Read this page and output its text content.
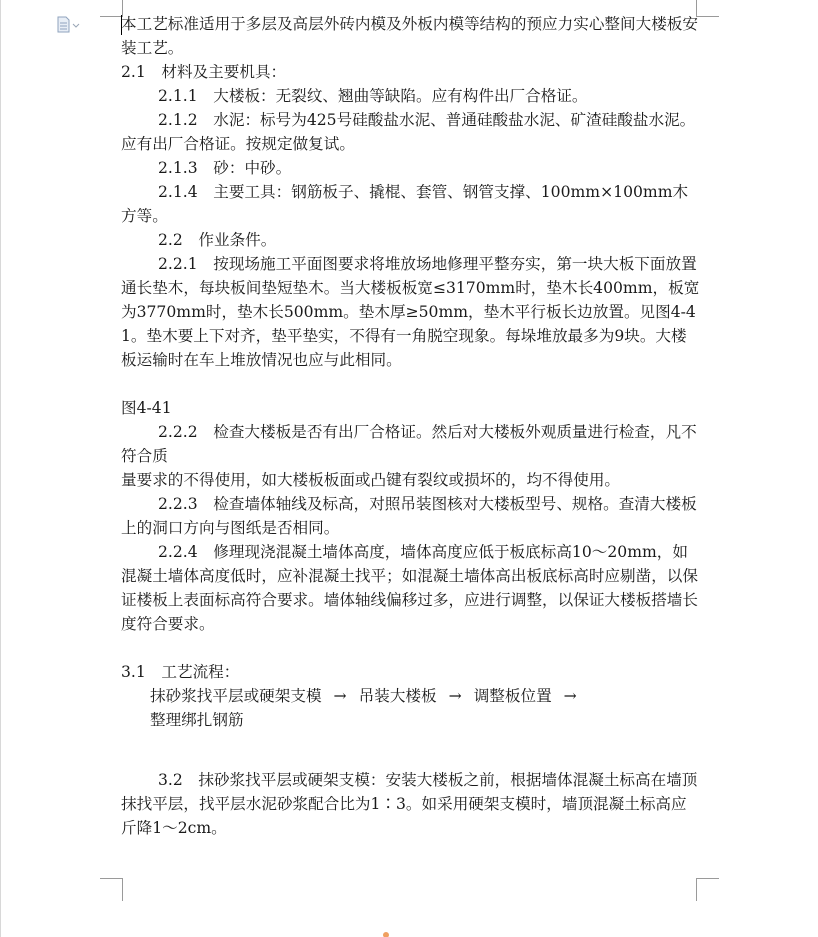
本工艺标准适用于多层及高层外砖内模及外板内模等结构的预应力实心整间大楼板安装工艺。

2.1　材料及主要机具：

2.1.1　大楼板：无裂纹、翘曲等缺陷。应有构件出厂合格证。

2.1.2　水泥：标号为425号硅酸盐水泥、普通硅酸盐水泥、矿渣硅酸盐水泥。应有出厂合格证。按规定做复试。

2.1.3　砂：中砂。

2.1.4　主要工具：钢筋板子、撬棍、套管、钢管支撑、100mm×100mm木方等。

2.2　作业条件。

2.2.1　按现场施工平面图要求将堆放场地修理平整夯实，第一块大板下面放置通长垫木，每块板间垫短垫木。当大楼板板宽≤3170mm时，垫木长400mm，板宽为3770mm时，垫木长500mm。垫木厚≥50mm，垫木平行板长边放置。见图4-41。垫木要上下对齐，垫平垫实，不得有一角脱空现象。每垛堆放最多为9块。大楼板运输时在车上堆放情况也应与此相同。

图4-41

2.2.2　检查大楼板是否有出厂合格证。然后对大楼板外观质量进行检查，凡不符合质

量要求的不得使用，如大楼板板面或凸键有裂纹或损坏的，均不得使用。

2.2.3　检查墙体轴线及标高，对照吊装图核对大楼板型号、规格。查清大楼板上的洞口方向与图纸是否相同。

2.2.4　修理现浇混凝土墙体高度，墙体高度应低于板底标高10～20mm，如混凝土墙体高度低时，应补混凝土找平；如混凝土墙体高出板底标高时应剔凿，以保证楼板上表面标高符合要求。墙体轴线偏移过多，应进行调整，以保证大楼板搭墙长度符合要求。

3.1　工艺流程：

抹砂浆找平层或硬架支模 → 吊装大楼板 → 调整板位置 →

整理绑扎钢筋

3.2　抹砂浆找平层或硬架支模：安装大楼板之前，根据墙体混凝土标高在墙顶抹找平层，找平层水泥砂浆配合比为1∶3。如采用硬架支模时，墙顶混凝土标高应斤降1～2cm。
